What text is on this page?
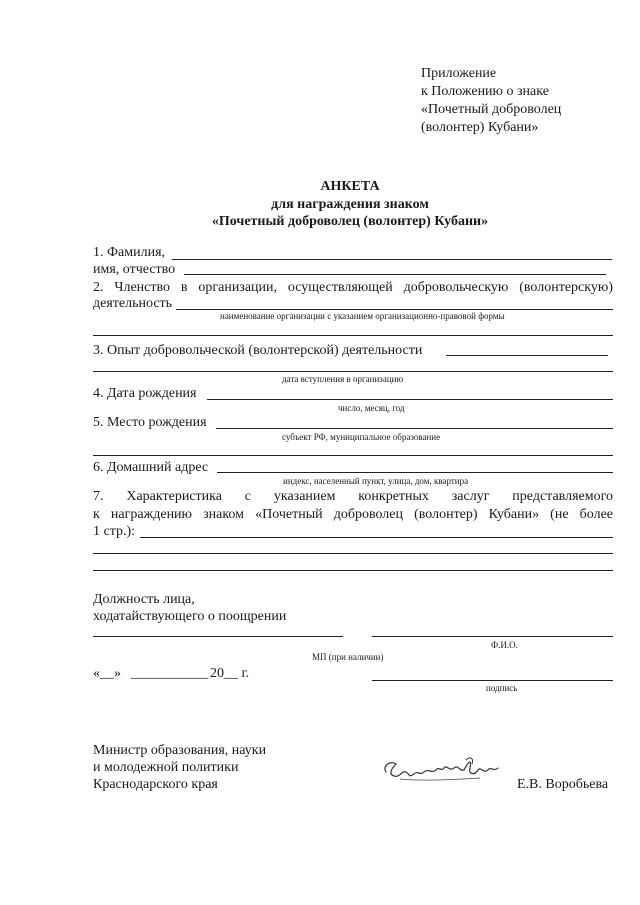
Приложение
к Положению о знаке
«Почетный доброволец
(волонтер) Кубани»
АНКЕТА
для награждения знаком
«Почетный доброволец (волонтер) Кубани»
1. Фамилия,
имя, отчество
2. Членство в организации, осуществляющей добровольческую (волонтерскую)
деятельность
наименование организации с указанием организационно-правовой формы
3. Опыт добровольческой (волонтерской) деятельности
дата вступления в организацию
4. Дата рождения
число, месяц, год
5. Место рождения
субъект РФ, муниципальное образование
6. Домашний адрес
индекс, населенный пункт, улица, дом, квартира
7. Характеристика с указанием конкретных заслуг представляемого
к награждению знаком «Почетный доброволец (волонтер) Кубани» (не более
1 стр.):
Должность лица,
ходатайствующего о поощрении
Ф.И.О.
МП (при наличии)
«__» ___________ 20__ г.
подпись
Министр образования, науки
и молодежной политики
Краснодарского края	Е.В. Воробьева
